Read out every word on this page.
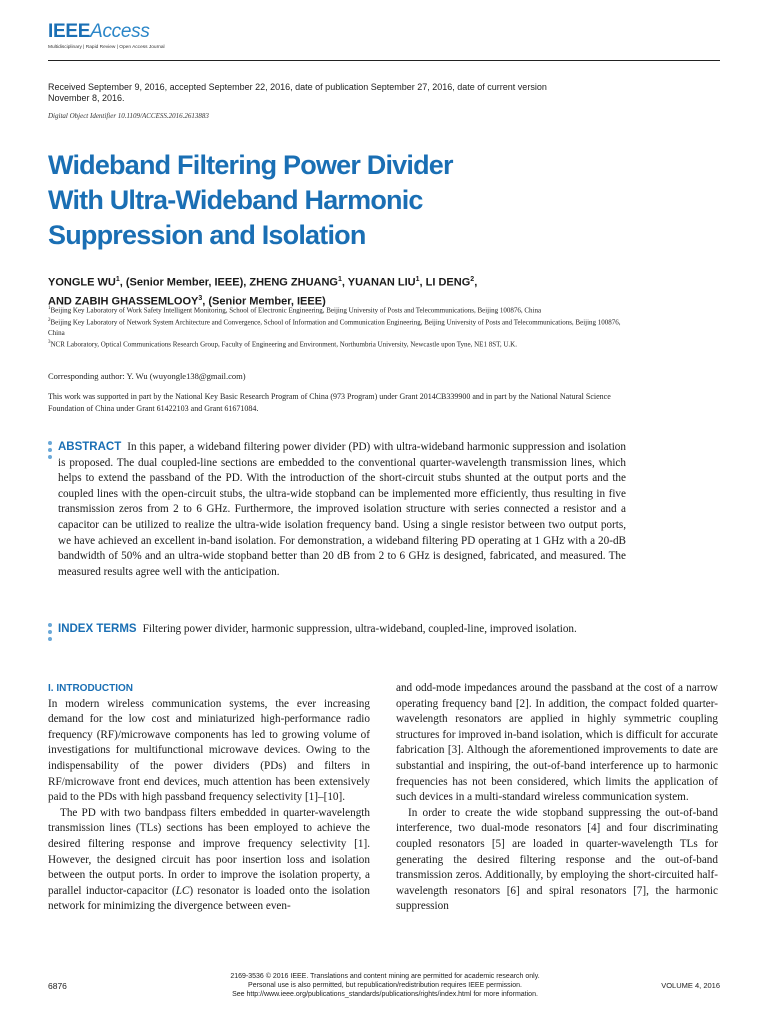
IEEEAccess
Multidisciplinary | Rapid Review | Open Access Journal
Received September 9, 2016, accepted September 22, 2016, date of publication September 27, 2016, date of current version November 8, 2016.
Digital Object Identifier 10.1109/ACCESS.2016.2613883
Wideband Filtering Power Divider
With Ultra-Wideband Harmonic
Suppression and Isolation
YONGLE $WU^1$, (Senior Member, IEEE), ZHENG ZHUANG$^1$, YUANAN LIU$^1$, LI DENG$^2$,
AND ZABIH GHASSEMLOOY$^3$, (Senior Member, IEEE)
$^1$Beijing Key Laboratory of Work Safety Intelligent Monitoring, School of Electronic Engineering, Beijing University of Posts and Telecommunications, Beijing 100876, China
$^2$Beijing Key Laboratory of Network System Architecture and Convergence, School of Information and Communication Engineering, Beijing University of Posts and Telecommunications, Beijing 100876, China
$^3$NCR Laboratory, Optical Communications Research Group, Faculty of Engineering and Environment, Northumbria University, Newcastle upon Tyne, NE1 8ST, U.K.
Corresponding author: Y. Wu (wuyongle138@gmail.com)
This work was supported in part by the National Key Basic Research Program of China (973 Program) under Grant 2014CB339900 and in part by the National Natural Science Foundation of China under Grant 61422103 and Grant 61671084.
ABSTRACT In this paper, a wideband filtering power divider (PD) with ultra-wideband harmonic suppression and isolation is proposed. The dual coupled-line sections are embedded to the conventional quarter-wavelength transmission lines, which helps to extend the passband of the PD. With the introduction of the short-circuit stubs shunted at the output ports and the coupled lines with the open-circuit stubs, the ultra-wide stopband can be implemented more efficiently, thus resulting in five transmission zeros from 2 to 6 GHz. Furthermore, the improved isolation structure with series connected a resistor and a capacitor can be utilized to realize the ultra-wide isolation frequency band. Using a single resistor between two output ports, we have achieved an excellent in-band isolation. For demonstration, a wideband filtering PD operating at 1 GHz with a 20-dB bandwidth of 50% and an ultra-wide stopband better than 20 dB from 2 to 6 GHz is designed, fabricated, and measured. The measured results agree well with the anticipation.
INDEX TERMS Filtering power divider, harmonic suppression, ultra-wideband, coupled-line, improved isolation.
I. INTRODUCTION

In modern wireless communication systems, the ever increasing demand for the low cost and miniaturized high-performance radio frequency (RF)/microwave components has led to growing volume of investigations for multifunctional microwave devices. Owing to the indispensability of the power dividers (PDs) and filters in RF/microwave front end devices, much attention has been extensively paid to the PDs with high passband frequency selectivity [1]–[10].

The PD with two bandpass filters embedded in quarter-wavelength transmission lines (TLs) sections has been employed to achieve the desired filtering response and improve frequency selectivity [1]. However, the designed circuit has poor insertion loss and isolation between the output ports. In order to improve the isolation property, a parallel inductor-capacitor (LC) resonator is loaded onto the isolation network for minimizing the divergence between even-

and odd-mode impedances around the passband at the cost of a narrow operating frequency band [2]. In addition, the compact folded quarter-wavelength resonators are applied in highly symmetric coupling structures for improved in-band isolation, which is difficult for accurate fabrication [3]. Although the aforementioned improvements to date are substantial and inspiring, the out-of-band interference up to harmonic frequencies has not been considered, which limits the application of such devices in a multi-standard wireless communication system.

In order to create the wide stopband suppressing the out-of-band interference, two dual-mode resonators [4] and four discriminating coupled resonators [5] are loaded in quarter-wavelength TLs for generating the desired filtering response and the out-of-band transmission zeros. Additionally, by employing the short-circuited half-wavelength resonators [6] and spiral resonators [7], the harmonic suppression

6876
2169-3536 © 2016 IEEE. Translations and content mining are permitted for academic research only.
Personal use is also permitted, but republication/redistribution requires IEEE permission.
See http://www.ieee.org/publications_standards/publications/rights/index.html for more information.
VOLUME 4, 2016
